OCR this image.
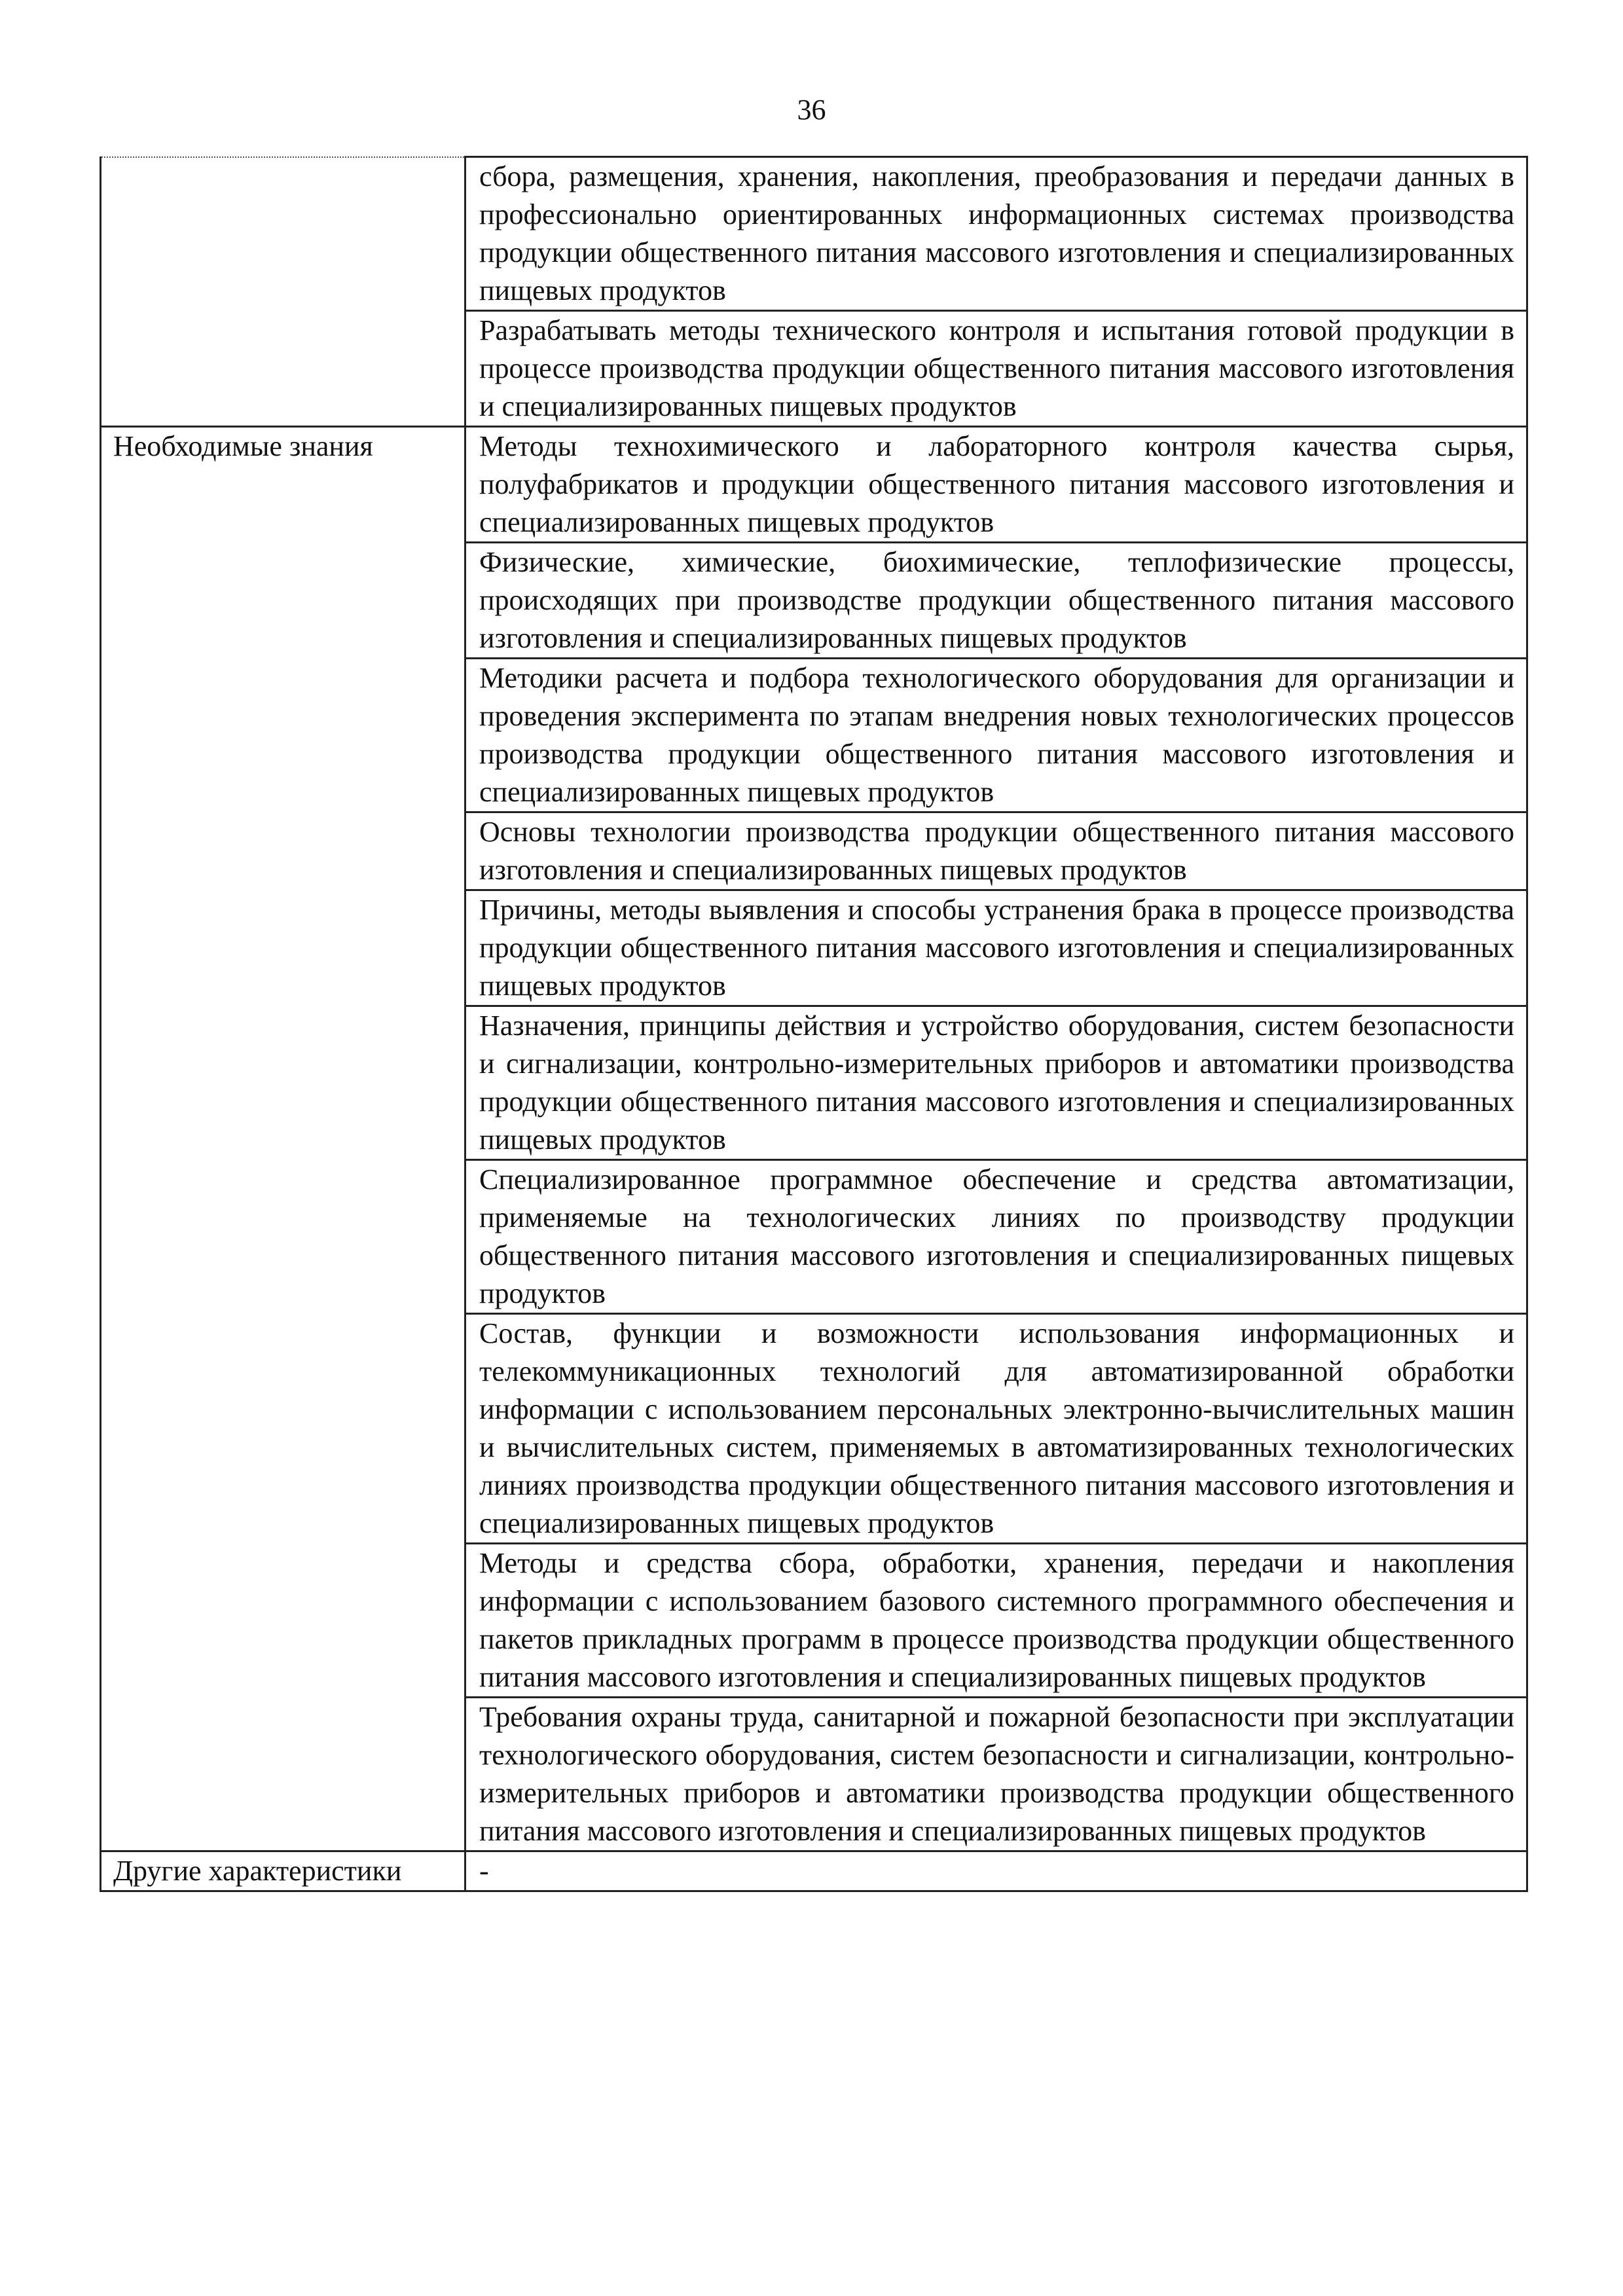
36
	сбора, размещения, хранения, накопления, преобразования и передачи данных в профессионально ориентированных информационных системах производства продукции общественного питания массового изготовления и специализированных пищевых продуктов
	Разрабатывать методы технического контроля и испытания готовой продукции в процессе производства продукции общественного питания массового изготовления и специализированных пищевых продуктов
Необходимые знания	Методы технохимического и лабораторного контроля качества сырья, полуфабрикатов и продукции общественного питания массового изготовления и специализированных пищевых продуктов
	Физические, химические, биохимические, теплофизические процессы, происходящих при производстве продукции общественного питания массового изготовления и специализированных пищевых продуктов
	Методики расчета и подбора технологического оборудования для организации и проведения эксперимента по этапам внедрения новых технологических процессов производства продукции общественного питания массового изготовления и специализированных пищевых продуктов
	Основы технологии производства продукции общественного питания массового изготовления и специализированных пищевых продуктов
	Причины, методы выявления и способы устранения брака в процессе производства продукции общественного питания массового изготовления и специализированных пищевых продуктов
	Назначения, принципы действия и устройство оборудования, систем безопасности и сигнализации, контрольно-измерительных приборов и автоматики производства продукции общественного питания массового изготовления и специализированных пищевых продуктов
	Специализированное программное обеспечение и средства автоматизации, применяемые на технологических линиях по производству продукции общественного питания массового изготовления и специализированных пищевых продуктов
	Состав, функции и возможности использования информационных и телекоммуникационных технологий для автоматизированной обработки информации с использованием персональных электронно-вычислительных машин и вычислительных систем, применяемых в автоматизированных технологических линиях производства продукции общественного питания массового изготовления и специализированных пищевых продуктов
	Методы и средства сбора, обработки, хранения, передачи и накопления информации с использованием базового системного программного обеспечения и пакетов прикладных программ в процессе производства продукции общественного питания массового изготовления и специализированных пищевых продуктов
	Требования охраны труда, санитарной и пожарной безопасности при эксплуатации технологического оборудования, систем безопасности и сигнализации, контрольно-измерительных приборов и автоматики производства продукции общественного питания массового изготовления и специализированных пищевых продуктов
Другие характеристики	-
